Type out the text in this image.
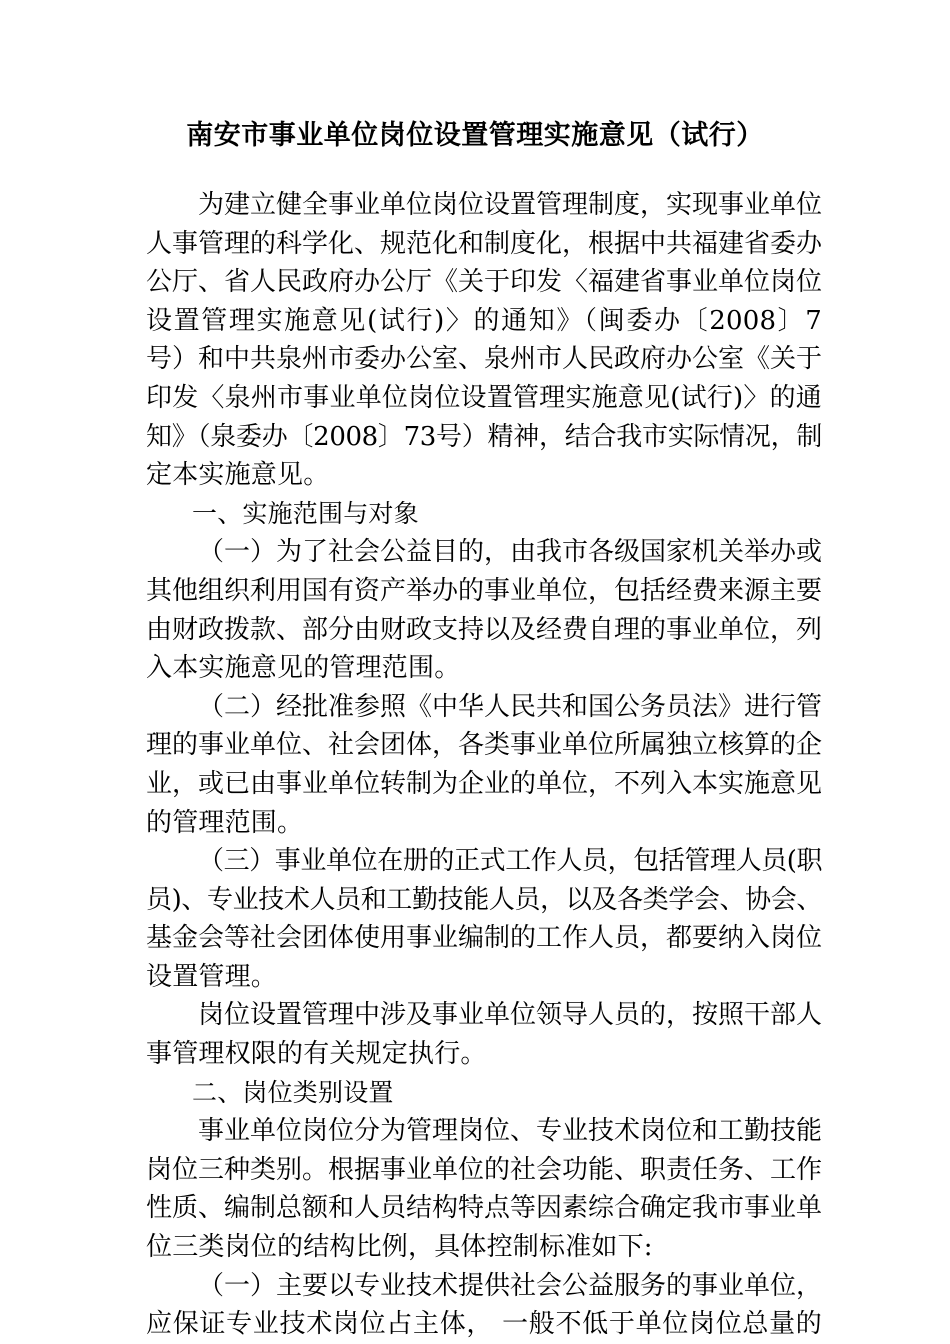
南安市事业单位岗位设置管理实施意见（试行）
为建立健全事业单位岗位设置管理制度，实现事业单位
人事管理的科学化、规范化和制度化，根据中共福建省委办
公厅、省人民政府办公厅《关于印发〈福建省事业单位岗位
设置管理实施意见(试行)〉的通知》（闽委办〔2008〕7
号）和中共泉州市委办公室、泉州市人民政府办公室《关于
印发〈泉州市事业单位岗位设置管理实施意见(试行)〉的通
知》（泉委办〔2008〕73号）精神，结合我市实际情况，制
定本实施意见。
一、实施范围与对象
（一）为了社会公益目的，由我市各级国家机关举办或
其他组织利用国有资产举办的事业单位，包括经费来源主要
由财政拨款、部分由财政支持以及经费自理的事业单位，列
入本实施意见的管理范围。
（二）经批准参照《中华人民共和国公务员法》进行管
理的事业单位、社会团体，各类事业单位所属独立核算的企
业，或已由事业单位转制为企业的单位，不列入本实施意见
的管理范围。
（三）事业单位在册的正式工作人员，包括管理人员(职
员)、专业技术人员和工勤技能人员，以及各类学会、协会、
基金会等社会团体使用事业编制的工作人员，都要纳入岗位
设置管理。
岗位设置管理中涉及事业单位领导人员的，按照干部人
事管理权限的有关规定执行。
二、岗位类别设置
事业单位岗位分为管理岗位、专业技术岗位和工勤技能
岗位三种类别。根据事业单位的社会功能、职责任务、工作
性质、编制总额和人员结构特点等因素综合确定我市事业单
位三类岗位的结构比例，具体控制标准如下:
（一）主要以专业技术提供社会公益服务的事业单位，
应保证专业技术岗位占主体， 一般不低于单位岗位总量的
